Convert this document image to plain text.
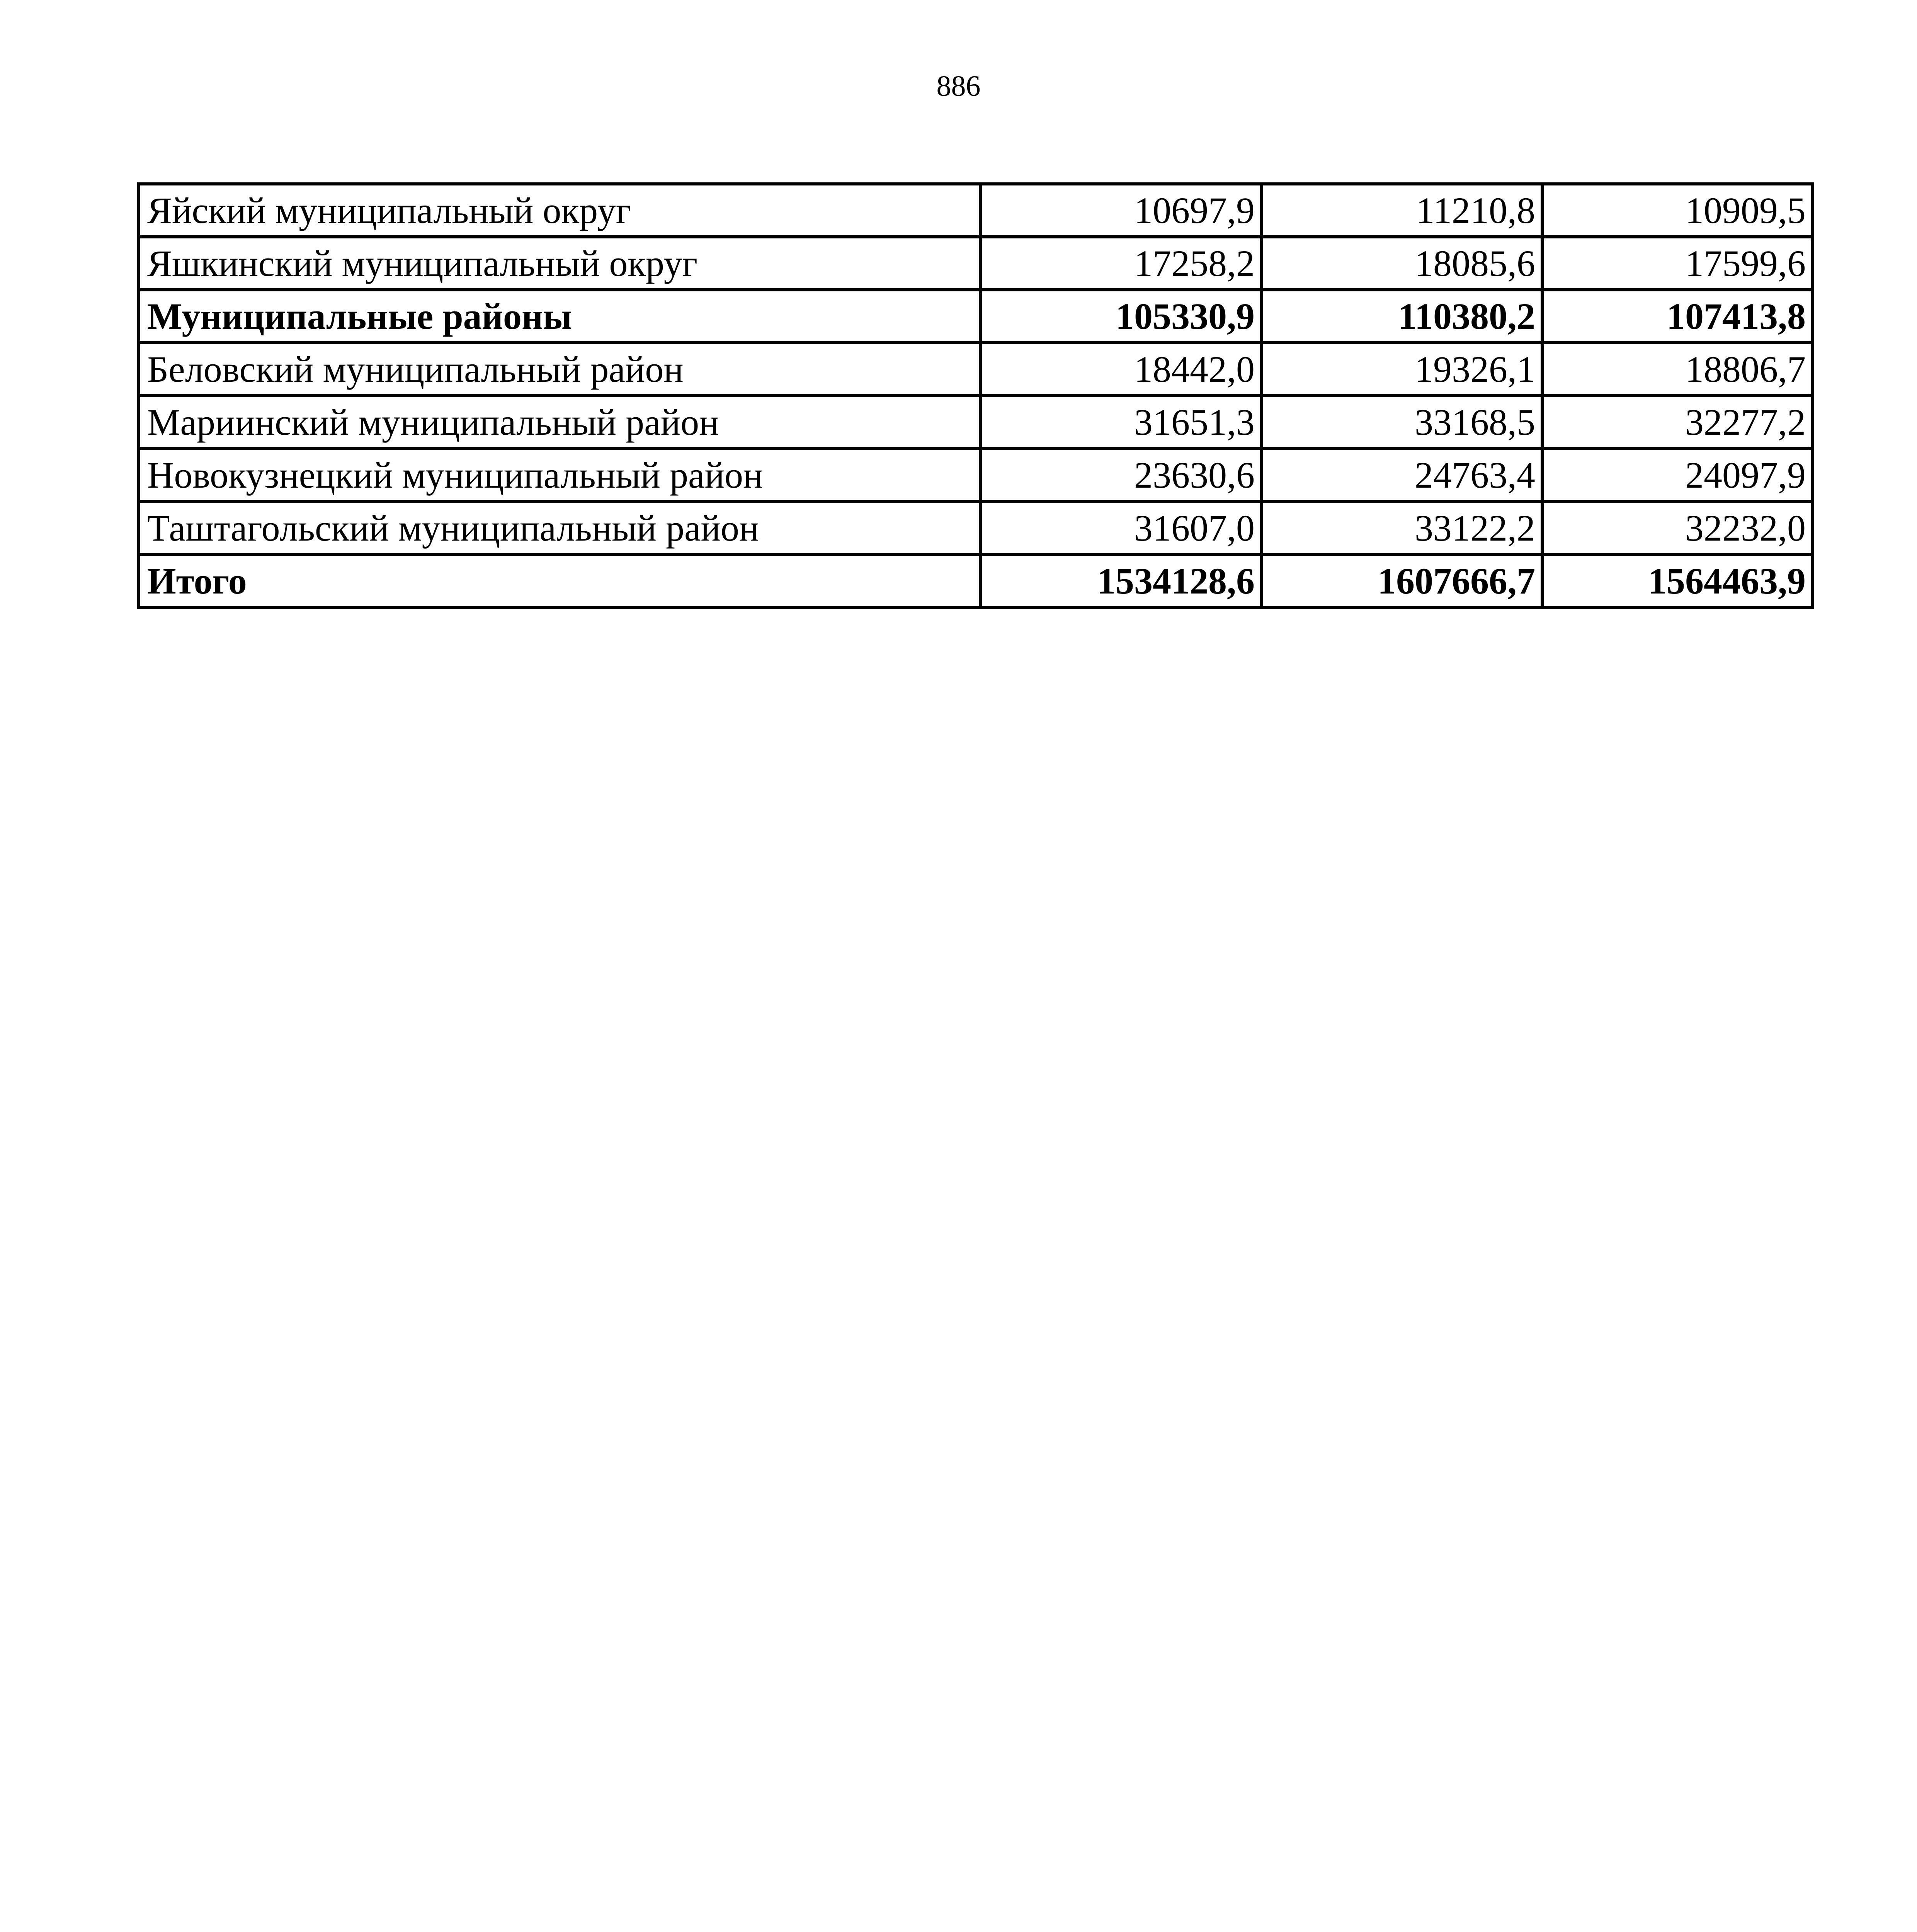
886
Яйский муниципальный округ	10697,9	11210,8	10909,5
Яшкинский муниципальный округ	17258,2	18085,6	17599,6
Муниципальные районы	105330,9	110380,2	107413,8
Беловский муниципальный район	18442,0	19326,1	18806,7
Мариинский муниципальный район	31651,3	33168,5	32277,2
Новокузнецкий муниципальный район	23630,6	24763,4	24097,9
Таштагольский муниципальный район	31607,0	33122,2	32232,0
Итого	1534128,6	1607666,7	1564463,9
